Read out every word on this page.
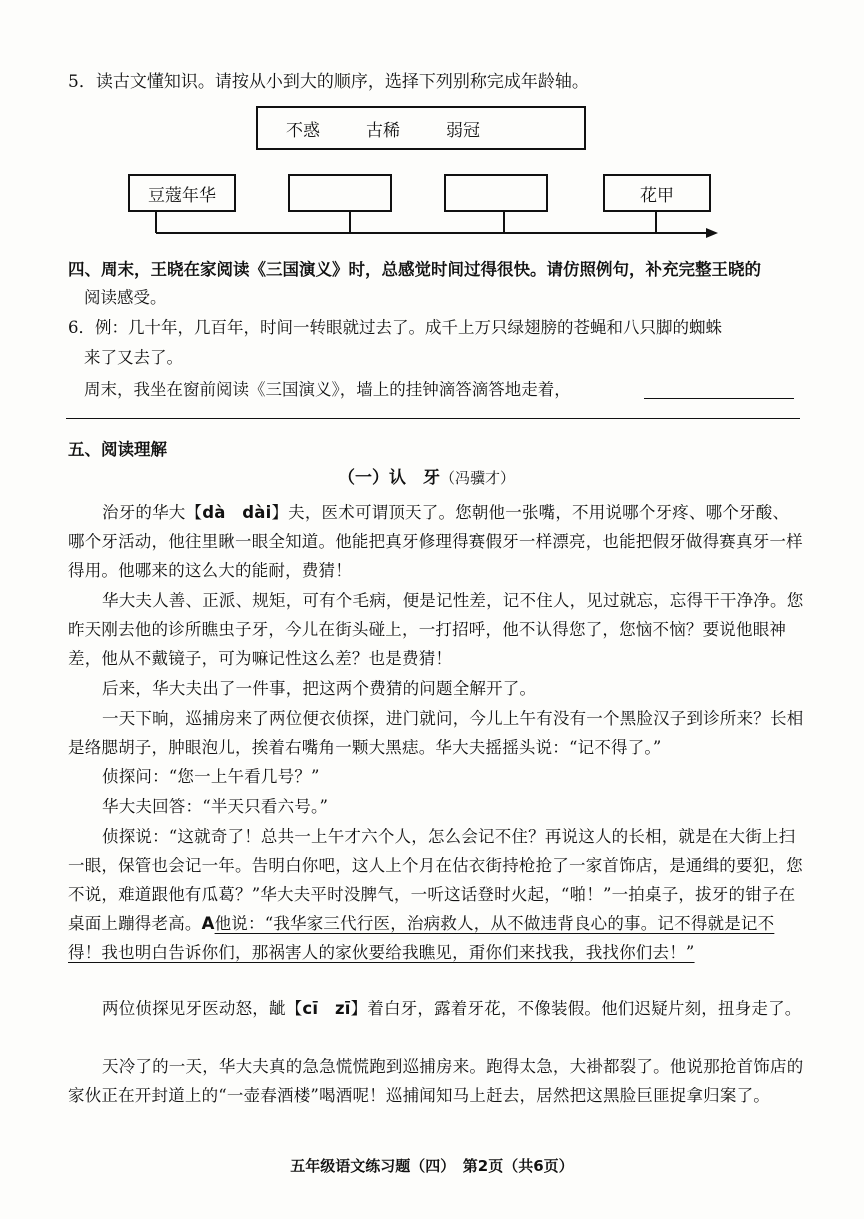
5．读古文懂知识。请按从小到大的顺序，选择下列别称完成年龄轴。
不惑	古稀	弱冠
豆蔻年华	花甲
四、周末，王晓在家阅读《三国演义》时，总感觉时间过得很快。请仿照例句，补充完整王晓的
阅读感受。
6．例：几十年，几百年，时间一转眼就过去了。成千上万只绿翅膀的苍蝇和八只脚的蜘蛛
来了又去了。
周末，我坐在窗前阅读《三国演义》，墙上的挂钟滴答滴答地走着，
五、阅读理解
（一）认　牙（冯骥才）
治牙的华大【dà　dài】夫，医术可谓顶天了。您朝他一张嘴，不用说哪个牙疼、哪个牙酸、哪个牙活动，他往里瞅一眼全知道。他能把真牙修理得赛假牙一样漂亮，也能把假牙做得赛真牙一样得用。他哪来的这么大的能耐，费猜！
华大夫人善、正派、规矩，可有个毛病，便是记性差，记不住人，见过就忘，忘得干干净净。您昨天刚去他的诊所瞧虫子牙，今儿在街头碰上，一打招呼，他不认得您了，您恼不恼？要说他眼神差，他从不戴镜子，可为嘛记性这么差？也是费猜！
后来，华大夫出了一件事，把这两个费猜的问题全解开了。
一天下晌，巡捕房来了两位便衣侦探，进门就问，今儿上午有没有一个黑脸汉子到诊所来？长相是络腮胡子，肿眼泡儿，挨着右嘴角一颗大黑痣。华大夫摇摇头说：“记不得了。”
侦探问：“您一上午看几号？”
华大夫回答：“半天只看六号。”
侦探说：“这就奇了！总共一上午才六个人，怎么会记不住？再说这人的长相，就是在大街上扫一眼，保管也会记一年。告明白你吧，这人上个月在估衣街持枪抢了一家首饰店，是通缉的要犯，您不说，难道跟他有瓜葛？”华大夫平时没脾气，一听这话登时火起，“啪！”一拍桌子，拔牙的钳子在桌面上蹦得老高。A他说：“我华家三代行医，治病救人，从不做违背良心的事。记不得就是记不得！我也明白告诉你们，那祸害人的家伙要给我瞧见，甭你们来找我，我找你们去！”
两位侦探见牙医动怒，龇【cī　zī】着白牙，露着牙花，不像装假。他们迟疑片刻，扭身走了。
天冷了的一天，华大夫真的急急慌慌跑到巡捕房来。跑得太急，大褂都裂了。他说那抢首饰店的家伙正在开封道上的“一壶春酒楼”喝酒呢！巡捕闻知马上赶去，居然把这黑脸巨匪捉拿归案了。
五年级语文练习题（四）　第2页（共6页）
